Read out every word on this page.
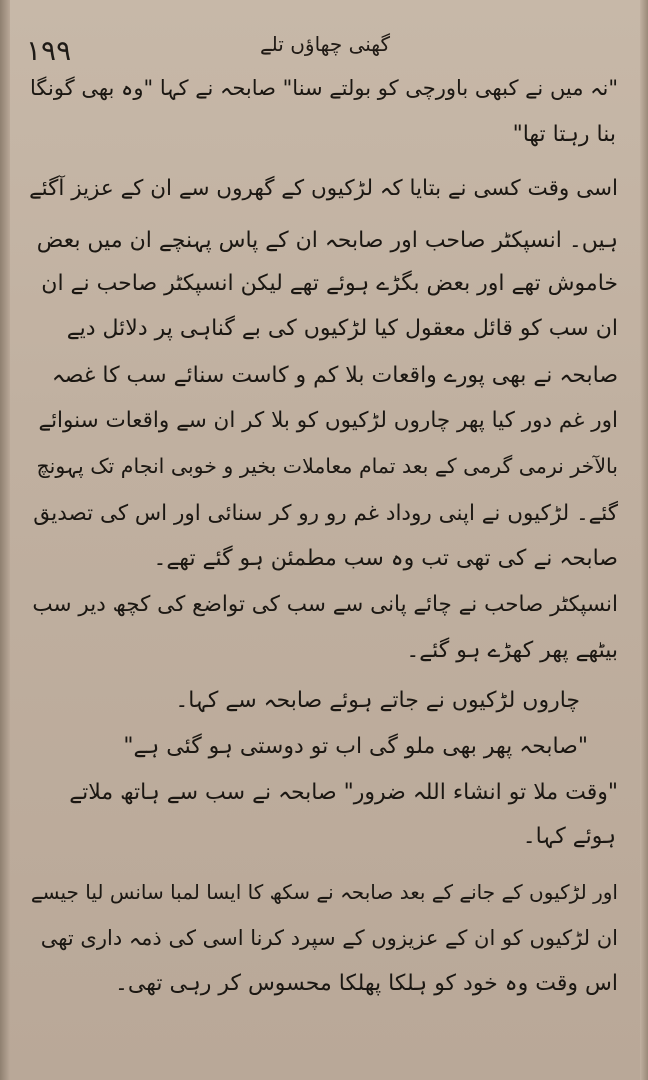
۱۹۹	گھنی چھاؤں تلے
"نہ میں نے کبھی باورچی کو بولتے سنا" صابحہ نے کہا "وہ بھی گونگا
بنا رہتا تھا"
اسی وقت کسی نے بتایا کہ لڑکیوں کے گھروں سے ان کے عزیز آگئے
ہیں۔ انسپکٹر صاحب اور صابحہ ان کے پاس پہنچے ان میں بعض
خاموش تھے اور بعض بگڑے ہوئے تھے لیکن انسپکٹر صاحب نے ان
ان سب کو قائل معقول کیا لڑکیوں کی بے گناہی پر دلائل دیے
صابحہ نے بھی پورے واقعات بلا کم و کاست سنائے سب کا غصہ
اور غم دور کیا پھر چاروں لڑکیوں کو بلا کر ان سے واقعات سنوائے
بالآخر نرمی گرمی کے بعد تمام معاملات بخیر و خوبی انجام تک پہونچ
گئے۔ لڑکیوں نے اپنی روداد غم رو رو کر سنائی اور اس کی تصدیق
صابحہ نے کی تھی تب وہ سب مطمئن ہو گئے تھے۔
انسپکٹر صاحب نے چائے پانی سے سب کی تواضع کی کچھ دیر سب
بیٹھے پھر کھڑے ہو گئے۔
چاروں لڑکیوں نے جاتے ہوئے صابحہ سے کہا۔
"صابحہ پھر بھی ملو گی اب تو دوستی ہو گئی ہے"
"وقت ملا تو انشاء اللہ ضرور" صابحہ نے سب سے ہاتھ ملاتے
ہوئے کہا۔
اور لڑکیوں کے جانے کے بعد صابحہ نے سکھ کا ایسا لمبا سانس لیا جیسے
ان لڑکیوں کو ان کے عزیزوں کے سپرد کرنا اسی کی ذمہ داری تھی
اس وقت وہ خود کو ہلکا پھلکا محسوس کر رہی تھی۔
